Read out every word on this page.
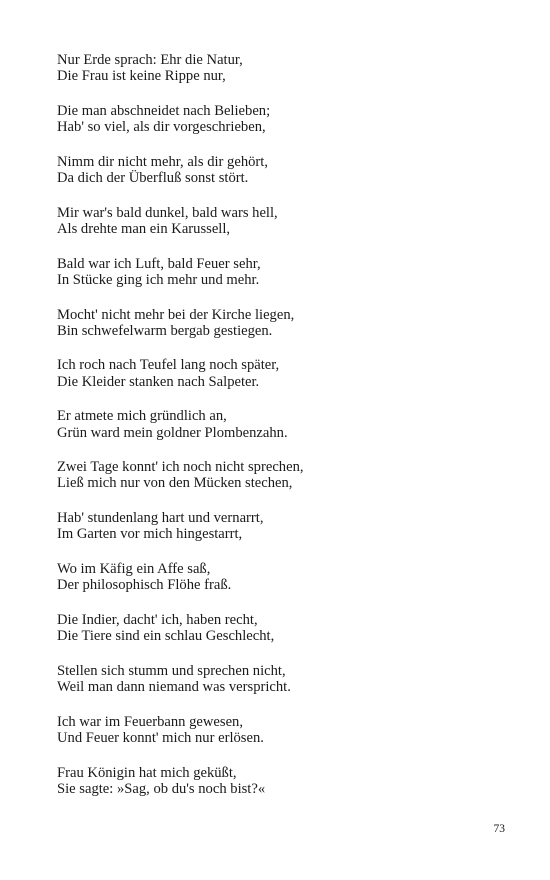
Nur Erde sprach: Ehr die Natur,
Die Frau ist keine Rippe nur,
Die man abschneidet nach Belieben;
Hab' so viel, als dir vorgeschrieben,
Nimm dir nicht mehr, als dir gehört,
Da dich der Überfluß sonst stört.
Mir war's bald dunkel, bald wars hell,
Als drehte man ein Karussell,
Bald war ich Luft, bald Feuer sehr,
In Stücke ging ich mehr und mehr.
Mocht' nicht mehr bei der Kirche liegen,
Bin schwefelwarm bergab gestiegen.
Ich roch nach Teufel lang noch später,
Die Kleider stanken nach Salpeter.
Er atmete mich gründlich an,
Grün ward mein goldner Plombenzahn.
Zwei Tage konnt' ich noch nicht sprechen,
Ließ mich nur von den Mücken stechen,
Hab' stundenlang hart und vernarrt,
Im Garten vor mich hingestarrt,
Wo im Käfig ein Affe saß,
Der philosophisch Flöhe fraß.
Die Indier, dacht' ich, haben recht,
Die Tiere sind ein schlau Geschlecht,
Stellen sich stumm und sprechen nicht,
Weil man dann niemand was verspricht.
Ich war im Feuerbann gewesen,
Und Feuer konnt' mich nur erlösen.
Frau Königin hat mich geküßt,
Sie sagte: »Sag, ob du's noch bist?«
73
